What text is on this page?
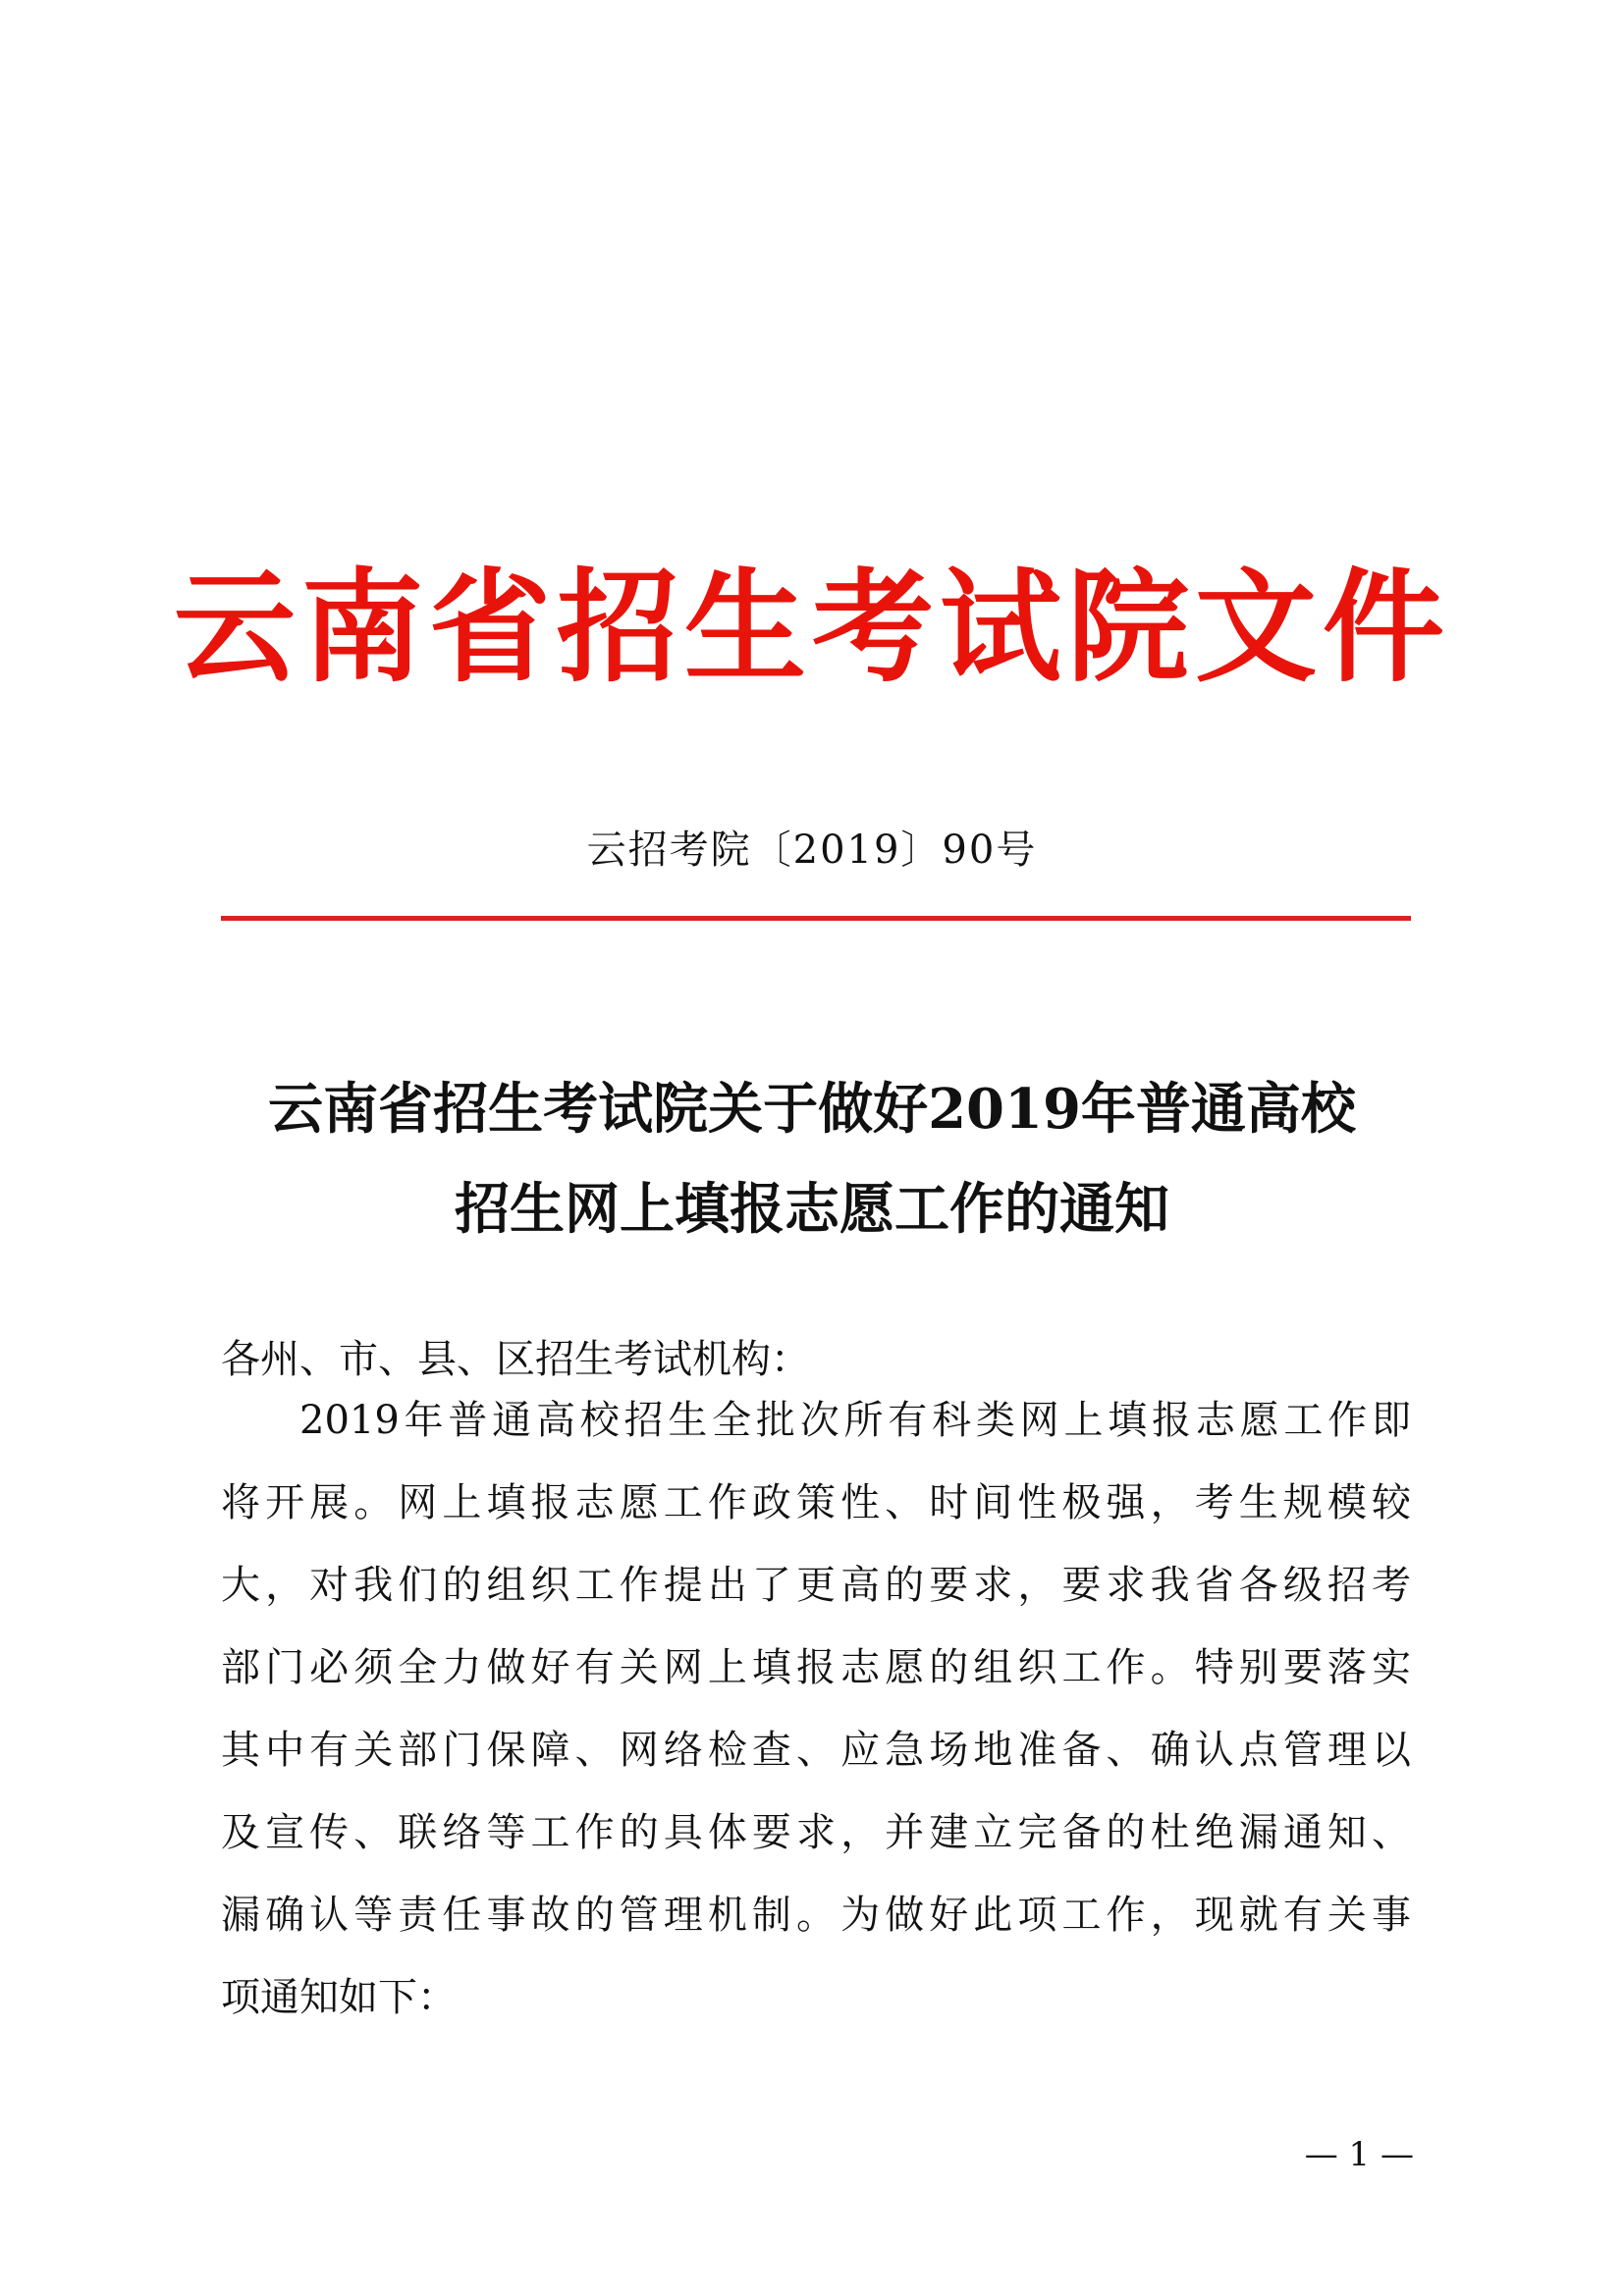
云南省招生考试院文件
云招考院〔2019〕90号
云南省招生考试院关于做好2019年普通高校
招生网上填报志愿工作的通知
各州、市、县、区招生考试机构：
2019年普通高校招生全批次所有科类网上填报志愿工作即
将开展。网上填报志愿工作政策性、时间性极强，考生规模较
大，对我们的组织工作提出了更高的要求，要求我省各级招考
部门必须全力做好有关网上填报志愿的组织工作。特别要落实
其中有关部门保障、网络检查、应急场地准备、确认点管理以
及宣传、联络等工作的具体要求，并建立完备的杜绝漏通知、
漏确认等责任事故的管理机制。为做好此项工作，现就有关事
项通知如下：
— 1 —
